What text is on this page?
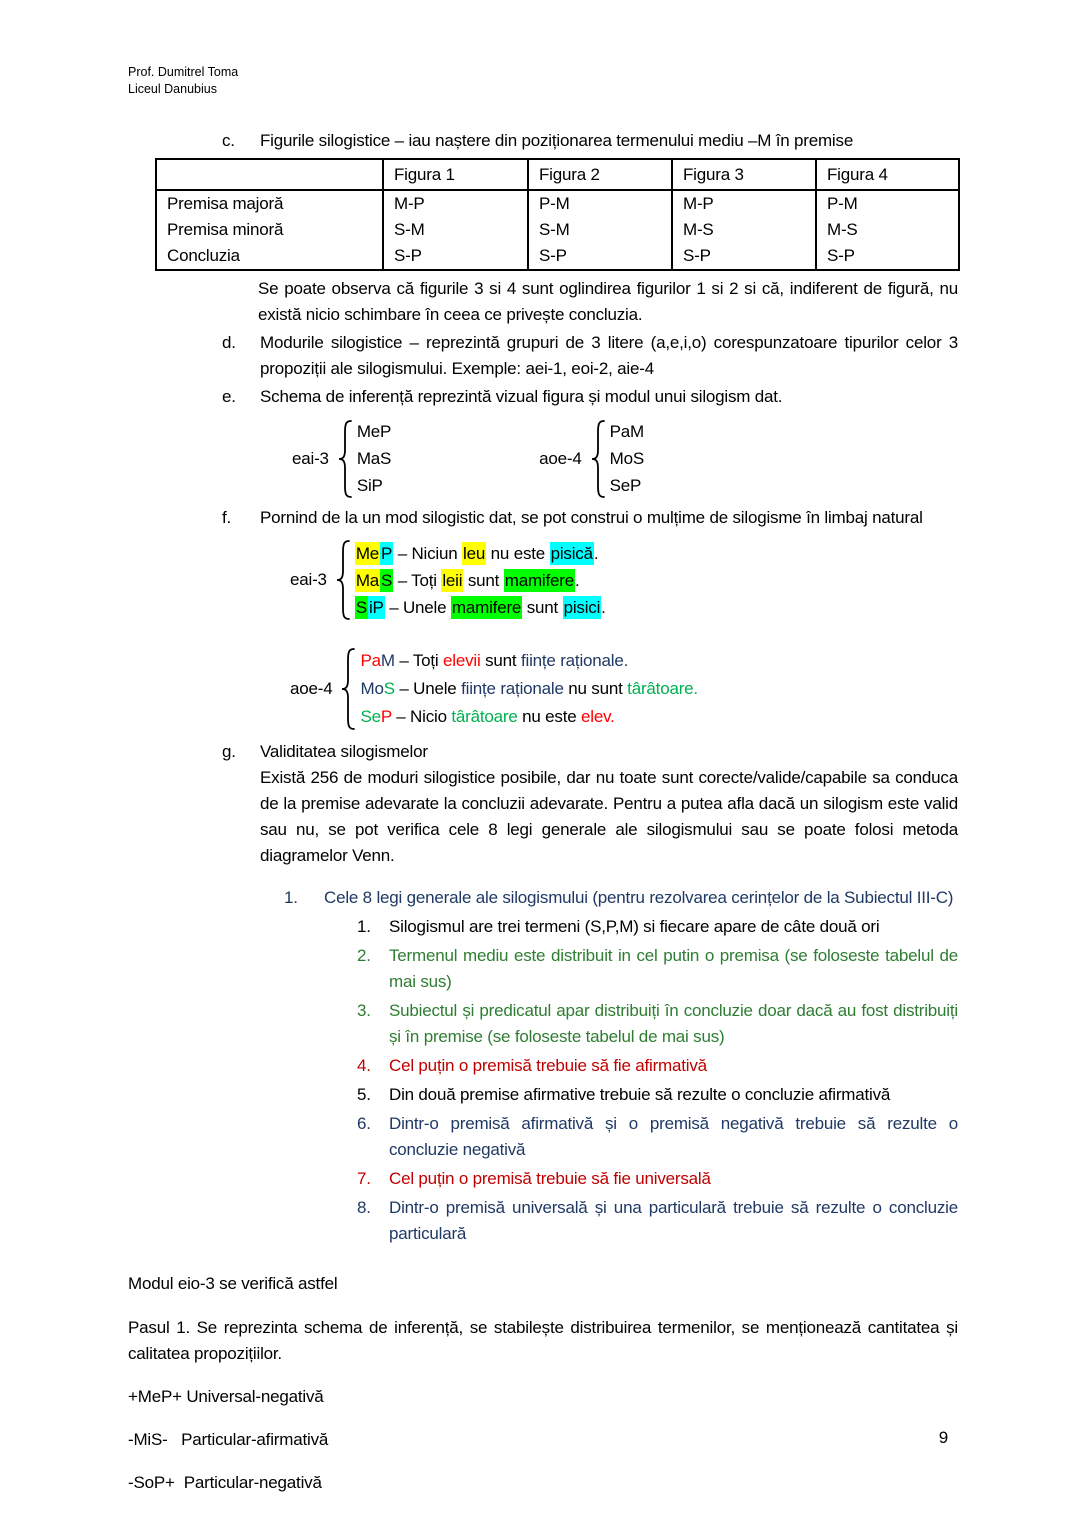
Prof. Dumitrel Toma
Liceul Danubius
c.	Figurile silogistice – iau naștere din poziționarea termenului mediu –M în premise
	Figura 1	Figura 2	Figura 3	Figura 4
Premisa majoră	M-P	P-M	M-P	P-M
Premisa minoră	S-M	S-M	M-S	M-S
Concluzia	S-P	S-P	S-P	S-P
Se poate observa că figurile 3 si 4 sunt oglindirea figurilor 1 si 2 si că, indiferent de figură, nu există nicio schimbare în ceea ce privește concluzia.
d.	Modurile silogistice – reprezintă grupuri de 3 litere (a,e,i,o) corespunzatoare tipurilor celor 3 propoziții ale silogismului. Exemple: aei-1, eoi-2, aie-4
e.	Schema de inferență reprezintă vizual figura și modul unui silogism dat.
eai-3
MeP
MaS
SiP
aoe-4
PaM
MoS
SeP
f.	Pornind de la un mod silogistic dat, se pot construi o mulțime de silogisme în limbaj natural
eai-3
Me P – Niciun leu nu este pisică.
Ma S – Toți leii sunt mamifere.
S iP – Unele mamifere sunt pisici.
aoe-4
PaM – Toți elevii sunt ființe raționale.
MoS – Unele ființe raționale nu sunt târâtoare.
SeP – Nicio târâtoare nu este elev.
g.	Validitatea silogismelor
Există 256 de moduri silogistice posibile, dar nu toate sunt corecte/valide/capabile sa conduca de la premise adevarate la concluzii adevarate. Pentru a putea afla dacă un silogism este valid sau nu, se pot verifica cele 8 legi generale ale silogismului sau se poate folosi metoda diagramelor Venn.
1.	Cele 8 legi generale ale silogismului (pentru rezolvarea cerințelor de la Subiectul III-C)
1.	Silogismul are trei termeni (S,P,M) si fiecare apare de câte două ori
2.	Termenul mediu este distribuit in cel putin o premisa (se foloseste tabelul de mai sus)
3.	Subiectul și predicatul apar distribuiți în concluzie doar dacă au fost distribuiți și în premise (se foloseste tabelul de mai sus)
4.	Cel puțin o premisă trebuie să fie afirmativă
5.	Din două premise afirmative trebuie să rezulte o concluzie afirmativă
6.	Dintr-o premisă afirmativă și o premisă negativă trebuie să rezulte o concluzie negativă
7.	Cel puțin o premisă trebuie să fie universală
8.	Dintr-o premisă universală și una particulară trebuie să rezulte o concluzie particulară
Modul eio-3 se verifică astfel
Pasul 1. Se reprezinta schema de inferență, se stabilește distribuirea termenilor, se menționează cantitatea și calitatea propozițiilor.
+MeP+ Universal-negativă
-MiS-   Particular-afirmativă
-SoP+  Particular-negativă
9
